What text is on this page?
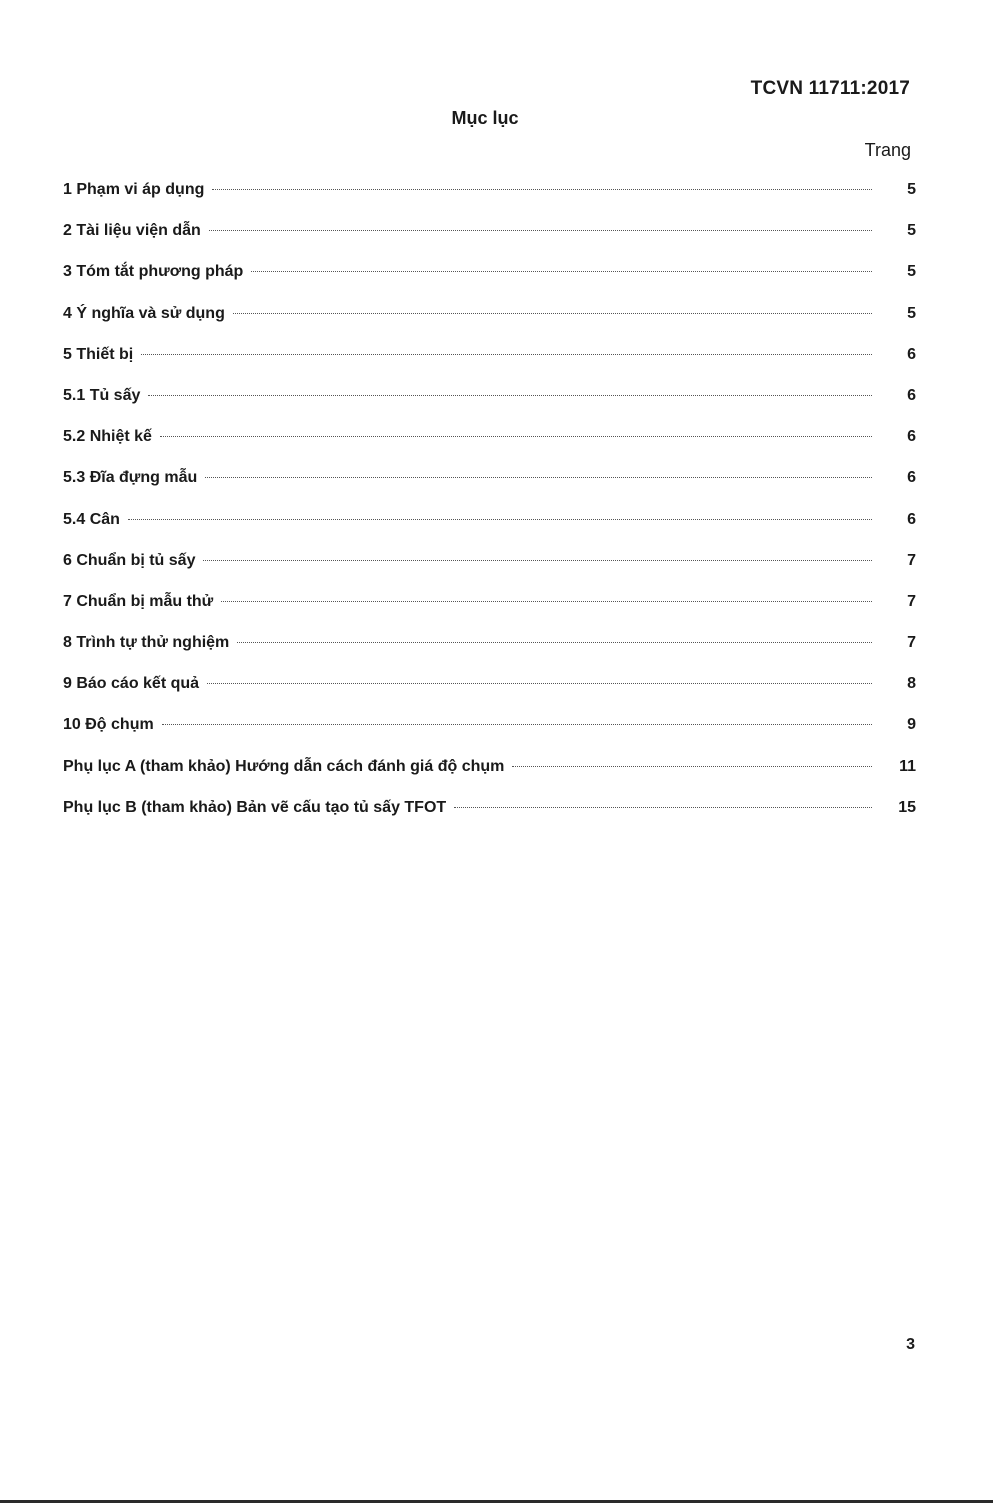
TCVN 11711:2017
Mục lục
Trang
1 Phạm vi áp dụng	5
2 Tài liệu viện dẫn	5
3 Tóm tắt phương pháp	5
4 Ý nghĩa và sử dụng	5
5 Thiết bị	6
5.1 Tủ sấy	6
5.2 Nhiệt kế	6
5.3 Đĩa đựng mẫu	6
5.4 Cân	6
6 Chuẩn bị tủ sấy	7
7 Chuẩn bị mẫu thử	7
8 Trình tự thử nghiệm	7
9 Báo cáo kết quả	8
10 Độ chụm	9
Phụ lục A (tham khảo) Hướng dẫn cách đánh giá độ chụm	11
Phụ lục B (tham khảo) Bản vẽ cấu tạo tủ sấy TFOT	15
3
